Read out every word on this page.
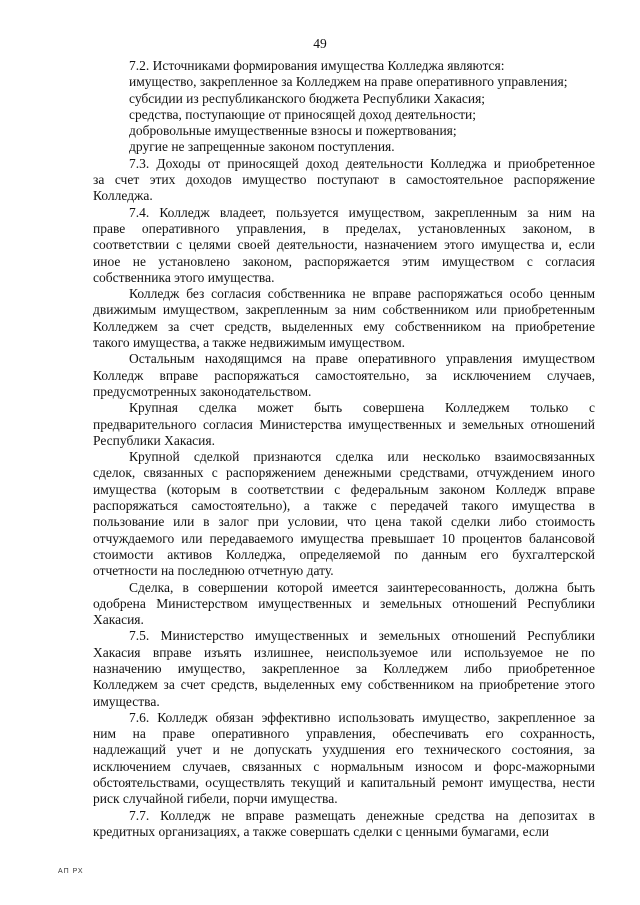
49
7.2. Источниками формирования имущества Колледжа являются:
имущество, закрепленное за Колледжем на праве оперативного управления;
субсидии из республиканского бюджета Республики Хакасия;
средства, поступающие от приносящей доход деятельности;
добровольные имущественные взносы и пожертвования;
другие не запрещенные законом поступления.
7.3. Доходы от приносящей доход деятельности Колледжа и приобретенное
за счет этих доходов имущество поступают в самостоятельное распоряжение
Колледжа.
7.4. Колледж владеет, пользуется имуществом, закрепленным за ним на
праве оперативного управления, в пределах, установленных законом, в
соответствии с целями своей деятельности, назначением этого имущества и, если
иное не установлено законом, распоряжается этим имуществом с согласия
собственника этого имущества.
Колледж без согласия собственника не вправе распоряжаться особо ценным
движимым имуществом, закрепленным за ним собственником или приобретенным
Колледжем за счет средств, выделенных ему собственником на приобретение
такого имущества, а также недвижимым имуществом.
Остальным находящимся на праве оперативного управления имуществом
Колледж вправе распоряжаться самостоятельно, за исключением случаев,
предусмотренных законодательством.
Крупная сделка может быть совершена Колледжем только с
предварительного согласия Министерства имущественных и земельных отношений
Республики Хакасия.
Крупной сделкой признаются сделка или несколько взаимосвязанных
сделок, связанных с распоряжением денежными средствами, отчуждением иного
имущества (которым в соответствии с федеральным законом Колледж вправе
распоряжаться самостоятельно), а также с передачей такого имущества в
пользование или в залог при условии, что цена такой сделки либо стоимость
отчуждаемого или передаваемого имущества превышает 10 процентов балансовой
стоимости активов Колледжа, определяемой по данным его бухгалтерской
отчетности на последнюю отчетную дату.
Сделка, в совершении которой имеется заинтересованность, должна быть
одобрена Министерством имущественных и земельных отношений Республики
Хакасия.
7.5. Министерство имущественных и земельных отношений Республики
Хакасия вправе изъять излишнее, неиспользуемое или используемое не по
назначению имущество, закрепленное за Колледжем либо приобретенное
Колледжем за счет средств, выделенных ему собственником на приобретение этого
имущества.
7.6. Колледж обязан эффективно использовать имущество, закрепленное за
ним на праве оперативного управления, обеспечивать его сохранность,
надлежащий учет и не допускать ухудшения его технического состояния, за
исключением случаев, связанных с нормальным износом и форс-мажорными
обстоятельствами, осуществлять текущий и капитальный ремонт имущества, нести
риск случайной гибели, порчи имущества.
7.7. Колледж не вправе размещать денежные средства на депозитах в
кредитных организациях, а также совершать сделки с ценными бумагами, если
АП РХ
